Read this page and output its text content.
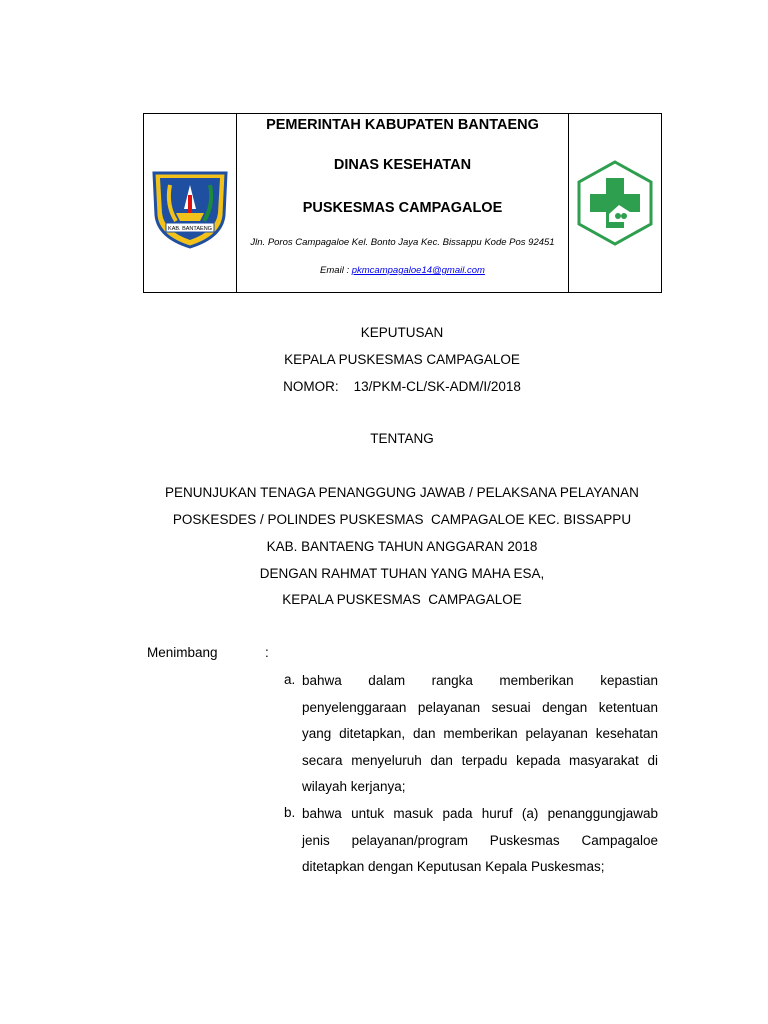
KAB. BANTAENG
PEMERINTAH KABUPATEN BANTAENG
DINAS KESEHATAN
PUSKESMAS CAMPAGALOE
Jln. Poros Campagaloe Kel. Bonto Jaya Kec. Bissappu Kode Pos 92451
Email : pkmcampagaloe14@gmail.com
KEPUTUSAN
KEPALA PUSKESMAS CAMPAGALOE
NOMOR:    13/PKM-CL/SK-ADM/I/2018
TENTANG
PENUNJUKAN TENAGA PENANGGUNG JAWAB / PELAKSANA PELAYANAN
POSKESDES / POLINDES PUSKESMAS  CAMPAGALOE KEC. BISSAPPU
KAB. BANTAENG TAHUN ANGGARAN 2018
DENGAN RAHMAT TUHAN YANG MAHA ESA,
KEPALA PUSKESMAS  CAMPAGALOE
Menimbang	:
a. bahwa dalam rangka memberikan kepastian
penyelenggaraan pelayanan sesuai dengan ketentuan
yang ditetapkan, dan memberikan pelayanan kesehatan
secara menyeluruh dan terpadu kepada masyarakat di
wilayah kerjanya;
b. bahwa untuk masuk pada huruf (a) penanggungjawab
jenis pelayanan/program Puskesmas Campagaloe
ditetapkan dengan Keputusan Kepala Puskesmas;
